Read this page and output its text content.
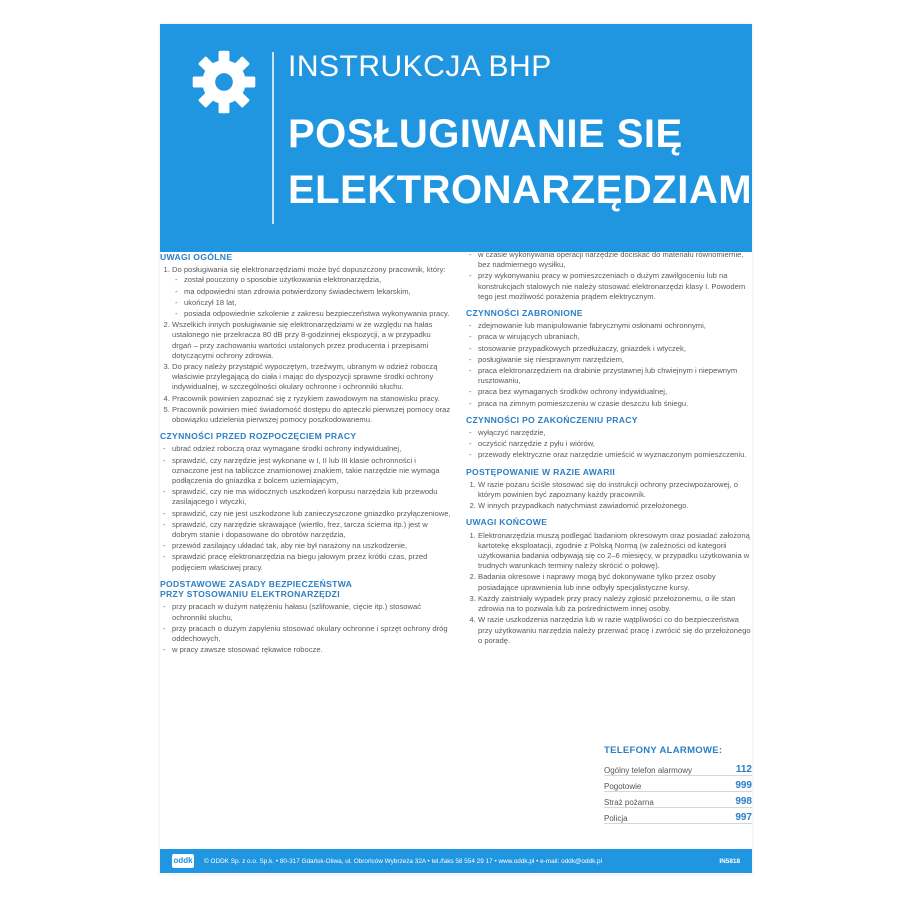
INSTRUKCJA BHP
POSŁUGIWANIE SIĘ
ELEKTRONARZĘDZIAMI
UWAGI OGÓLNE
1. Do posługiwania się elektronarzędziami może być dopuszczony pracownik, który:
- został pouczony o sposobie użytkowania elektronarzędzia,
- ma odpowiedni stan zdrowia potwierdzony świadectwem lekarskim,
- ukończył 18 lat,
- posiada odpowiednie szkolenie z zakresu bezpieczeństwa wykonywania pracy.
2. Wszelkich innych posługiwanie się elektronarzędziami w ze względu na hałas ustalonego nie przekracza 80 dB przy 8-godzinnej ekspozycji, a w przypadku drgań – przy zachowaniu wartości ustalonych przez producenta i przepisami dotyczącymi ochrony zdrowia.
3. Do pracy należy przystąpić wypoczętym, trzeźwym, ubranym w odzież roboczą właściwie przylegającą do ciała i mając do dyspozycji sprawne środki ochrony indywidualnej, w szczególności okulary ochronne i ochronniki słuchu.
4. Pracownik powinien zapoznać się z ryzykiem zawodowym na stanowisku pracy.
5. Pracownik powinien mieć świadomość dostępu do apteczki pierwszej pomocy oraz obowiązku udzielenia pierwszej pomocy poszkodowanemu.
CZYNNOŚCI PRZED ROZPOCZĘCIEM PRACY
- ubrać odzież roboczą oraz wymagane środki ochrony indywidualnej,
- sprawdzić, czy narzędzie jest wykonane w I, II lub III klasie ochronności i oznaczone jest na tabliczce znamionowej znakiem, takie narzędzie nie wymaga podłączenia do gniazdka z bolcem uziemiającym,
- sprawdzić, czy nie ma widocznych uszkodzeń korpusu narzędzia lub przewodu zasilającego i wtyczki,
- sprawdzić, czy nie jest uszkodzone lub zanieczyszczone gniazdko przyłączeniowe,
- sprawdzić, czy narzędzie skrawające (wiertło, frez, tarcza ścierna itp.) jest w dobrym stanie i dopasowane do obrotów narzędzia,
- przewód zasilający układać tak, aby nie był narażony na uszkodzenie,
- sprawdzić pracę elektronarzędzia na biegu jałowym przez krótki czas, przed podjęciem właściwej pracy.
PODSTAWOWE ZASADY BEZPIECZEŃSTWA
PRZY STOSOWANIU ELEKTRONARZĘDZI
- przy pracach w dużym natężeniu hałasu (szlifowanie, cięcie itp.) stosować ochronniki słuchu,
- przy pracach o dużym zapyleniu stosować okulary ochronne i sprzęt ochrony dróg oddechowych,
- w pracy zawsze stosować rękawice robocze.
- w czasie wykonywania operacji narzędzie dociskać do materiału równomiernie, bez nadmiernego wysiłku,
- przy wykonywaniu pracy w pomieszczeniach o dużym zawilgoceniu lub na konstrukcjach stalowych nie należy stosować elektronarzędzi klasy I. Powodem tego jest możliwość porażenia prądem elektrycznym.
CZYNNOŚCI ZABRONIONE
- zdejmowanie lub manipulowanie fabrycznymi osłonami ochronnymi,
- praca w wirujących ubraniach,
- stosowanie przypadkowych przedłużaczy, gniazdek i wtyczek,
- posługiwanie się niesprawnym narzędziem,
- praca elektronarzędziem na drabinie przystawnej lub chwiejnym i niepewnym rusztowaniu,
- praca bez wymaganych środków ochrony indywidualnej,
- praca na zimnym pomieszczeniu w czasie deszczu lub śniegu.
CZYNNOŚCI PO ZAKOŃCZENIU PRACY
- wyłączyć narzędzie,
- oczyścić narzędzie z pyłu i wiórów,
- przewody elektryczne oraz narzędzie umieścić w wyznaczonym pomieszczeniu.
POSTĘPOWANIE W RAZIE AWARII
1. W razie pożaru ściśle stosować się do instrukcji ochrony przeciwpożarowej, o którym powinien być zapoznany każdy pracownik.
2. W innych przypadkach natychmiast zawiadomić przełożonego.
UWAGI KOŃCOWE
1. Elektronarzędzia muszą podlegać badaniom okresowym oraz posiadać założoną kartotekę eksploatacji, zgodnie z Polską Normą (w zależności od kategorii użytkowania badania odbywają się co 2–6 miesięcy, w przypadku użytkowania w trudnych warunkach terminy należy skrócić o połowę).
2. Badania okresowe i naprawy mogą być dokonywane tylko przez osoby posiadające uprawnienia lub inne odbyły specjalistyczne kursy.
3. Każdy zaistniały wypadek przy pracy należy zgłosić przełożonemu, o ile stan zdrowia na to pozwala lub za pośrednictwem innej osoby.
4. W razie uszkodzenia narzędzia lub w razie wątpliwości co do bezpieczeństwa przy użytkowaniu narzędzia należy przerwać pracę i zwrócić się do przełożonego o poradę.
TELEFONY ALARMOWE:
Ogólny telefon alarmowy	112
Pogotowie	999
Straż pożarna	998
Policja	997
oddk © ODDK Sp. z o.o. Sp.k. • 80-317 Gdańsk-Oliwa, ul. Obrońców Wybrzeża 32A • tel./faks 58 554 29 17 • www.oddk.pl • e-mail: oddk@oddk.pl	IN5818
